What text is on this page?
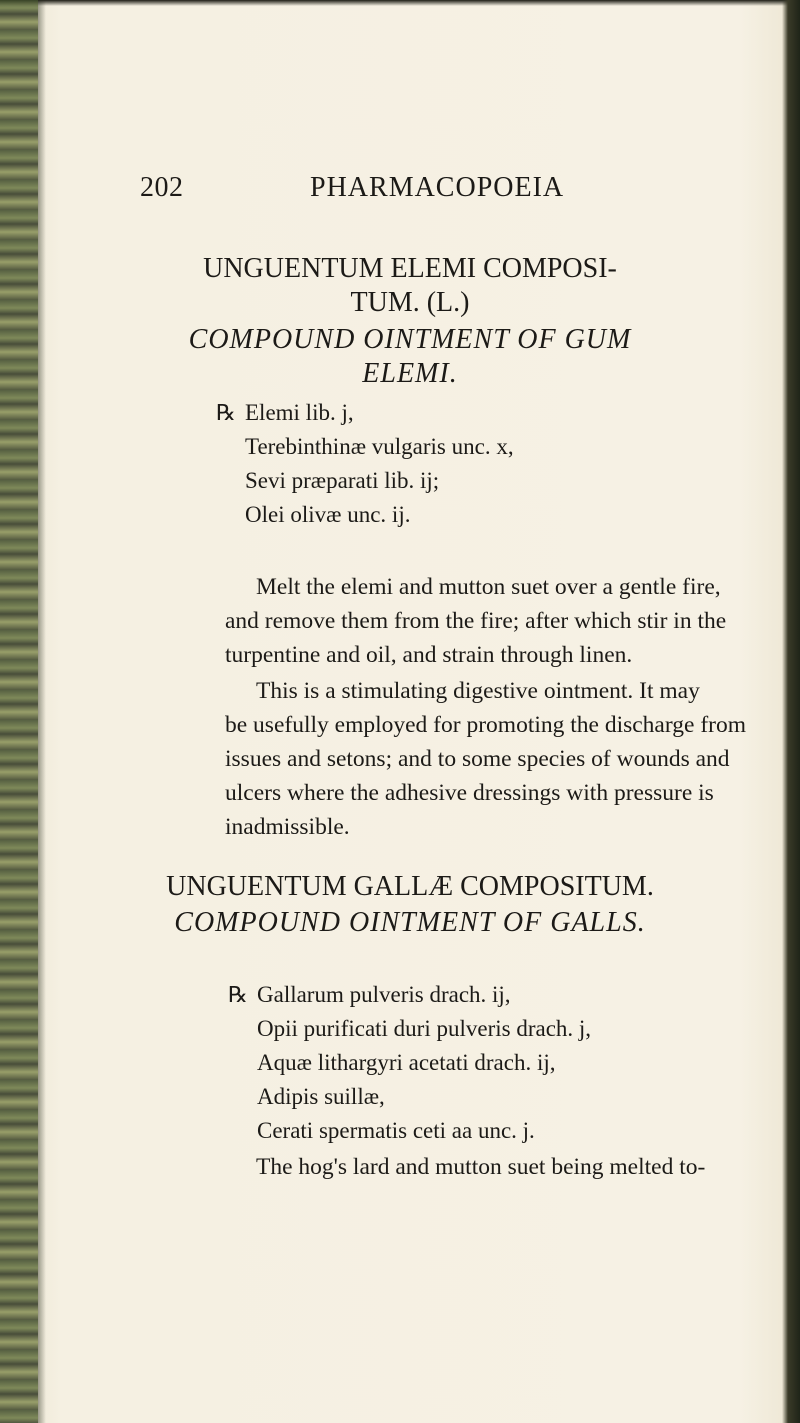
202	PHARMACOPOEIA
UNGUENTUM ELEMI COMPOSI-
TUM. (L.)
COMPOUND OINTMENT OF GUM
ELEMI.
℞ Elemi lib. j,
Terebinthinæ vulgaris unc. x,
Sevi præparati lib. ij;
Olei olivæ unc. ij.
Melt the elemi and mutton suet over a gentle fire,
and remove them from the fire; after which stir in the
turpentine and oil, and strain through linen.
This is a stimulating digestive ointment. It may
be usefully employed for promoting the discharge from
issues and setons; and to some species of wounds and
ulcers where the adhesive dressings with pressure is
inadmissible.
UNGUENTUM GALLÆ COMPOSITUM.
COMPOUND OINTMENT OF GALLS.
℞ Gallarum pulveris drach. ij,
Opii purificati duri pulveris drach. j,
Aquæ lithargyri acetati drach. ij,
Adipis suillæ,
Cerati spermatis ceti aa unc. j.
The hog's lard and mutton suet being melted to-
